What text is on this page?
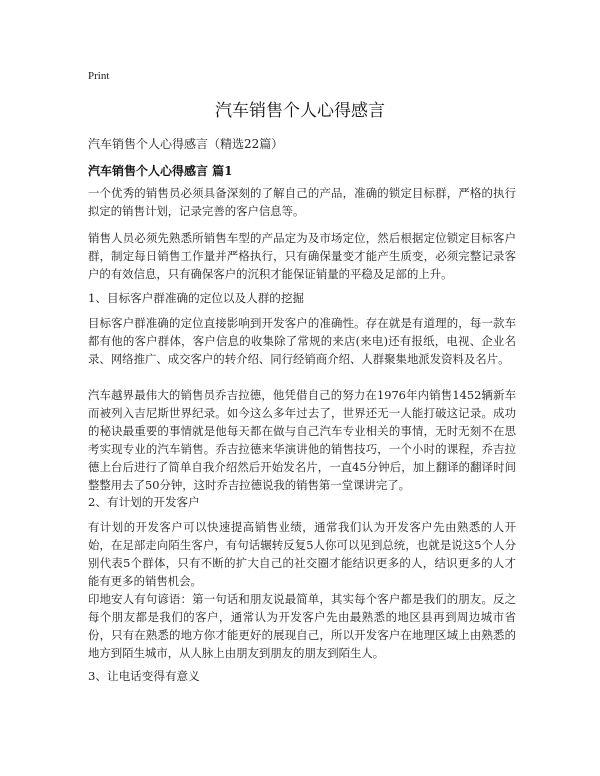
Print
汽车销售个人心得感言
汽车销售个人心得感言（精选22篇）
汽车销售个人心得感言 篇1

一个优秀的销售员必须具备深刻的了解自己的产品，准确的锁定目标群，严格的执行拟定的销售计划，记录完善的客户信息等。

销售人员必须先熟悉所销售车型的产品定为及市场定位，然后根据定位锁定目标客户群，制定每日销售工作量并严格执行，只有确保量变才能产生质变，必须完整记录客户的有效信息，只有确保客户的沉积才能保证销量的平稳及足部的上升。

1、目标客户群准确的定位以及人群的挖掘

目标客户群准确的定位直接影响到开发客户的准确性。存在就是有道理的，每一款车都有他的客户群体，客户信息的收集除了常规的来店(来电)还有报纸，电视、企业名录、网络推广、成交客户的转介绍、同行经销商介绍、人群聚集地派发资料及名片。

汽车越界最伟大的销售员乔吉拉德，他凭借自己的努力在1976年内销售1452辆新车而被列入吉尼斯世界纪录。如今这么多年过去了，世界还无一人能打破这记录。成功的秘诀最重要的事情就是他每天都在做与自己汽车专业相关的事情，无时无刻不在思考实现专业的汽车销售。乔吉拉德来华演讲他的销售技巧，一个小时的课程，乔吉拉德上台后进行了简单自我介绍然后开始发名片，一直45分钟后，加上翻译的翻译时间整整用去了50分钟，这时乔吉拉德说我的销售第一堂课讲完了。

2、有计划的开发客户

有计划的开发客户可以快速提高销售业绩，通常我们认为开发客户先由熟悉的人开始，在足部走向陌生客户，有句话辗转反复5人你可以见到总统，也就是说这5个人分别代表5个群体，只有不断的扩大自己的社交圈才能结识更多的人，结识更多的人才能有更多的销售机会。

印地安人有句谚语：第一句话和朋友说最简单，其实每个客户都是我们的朋友。反之每个朋友都是我们的客户，通常认为开发客户先由最熟悉的地区县再到周边城市省份，只有在熟悉的地方你才能更好的展现自己，所以开发客户在地理区域上由熟悉的地方到陌生城市，从人脉上由朋友到朋友的朋友到陌生人。

3、让电话变得有意义
